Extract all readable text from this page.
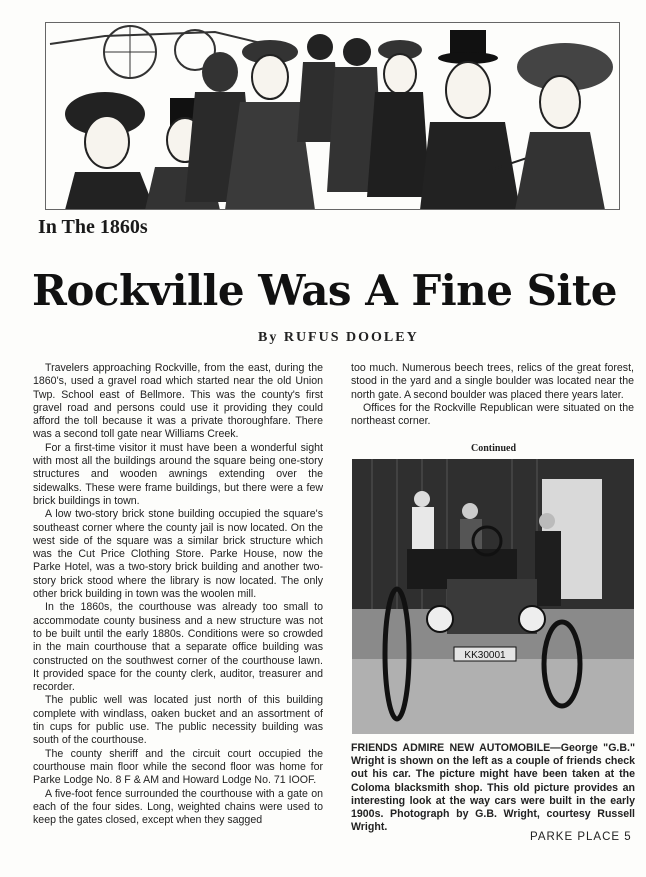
In The 1860s
Rockville Was A Fine Site
By RUFUS DOOLEY

Travelers approaching Rockville, from the east, during the 1860's, used a gravel road which started near the old Union Twp. School east of Bellmore. This was the county's first gravel road and persons could use it providing they could afford the toll because it was a private thoroughfare. There was a second toll gate near Williams Creek.

For a first-time visitor it must have been a wonderful sight with most all the buildings around the square being one-story structures and wooden awnings extending over the sidewalks. These were frame buildings, but there were a few brick buildings in town.

A low two-story brick stone building occupied the square's southeast corner where the county jail is now located. On the west side of the square was a similar brick structure which was the Cut Price Clothing Store. Parke House, now the Parke Hotel, was a two-story brick building and another two-story brick stood where the library is now located. The only other brick building in town was the woolen mill.

In the 1860s, the courthouse was already too small to accommodate county business and a new structure was not to be built until the early 1880s. Conditions were so crowded in the main courthouse that a separate office building was constructed on the southwest corner of the courthouse lawn. It provided space for the county clerk, auditor, treasurer and recorder.

The public well was located just north of this building complete with windlass, oaken bucket and an assortment of tin cups for public use. The public necessity building was south of the courthouse.

The county sheriff and the circuit court occupied the courthouse main floor while the second floor was home for Parke Lodge No. 8 F & AM and Howard Lodge No. 71 IOOF.

A five-foot fence surrounded the courthouse with a gate on each of the four sides. Long, weighted chains were used to keep the gates closed, except when they sagged

too much. Numerous beech trees, relics of the great forest, stood in the yard and a single boulder was located near the north gate. A second boulder was placed there years later.

Offices for the Rockville Republican were situated on the northeast corner.

Continued
KK30001
FRIENDS ADMIRE NEW AUTOMOBILE—George "G.B." Wright is shown on the left as a couple of friends check out his car. The picture might have been taken at the Coloma blacksmith shop. This old picture provides an interesting look at the way cars were built in the early 1900s. Photograph by G.B. Wright, courtesy Russell Wright.
PARKE PLACE 5
